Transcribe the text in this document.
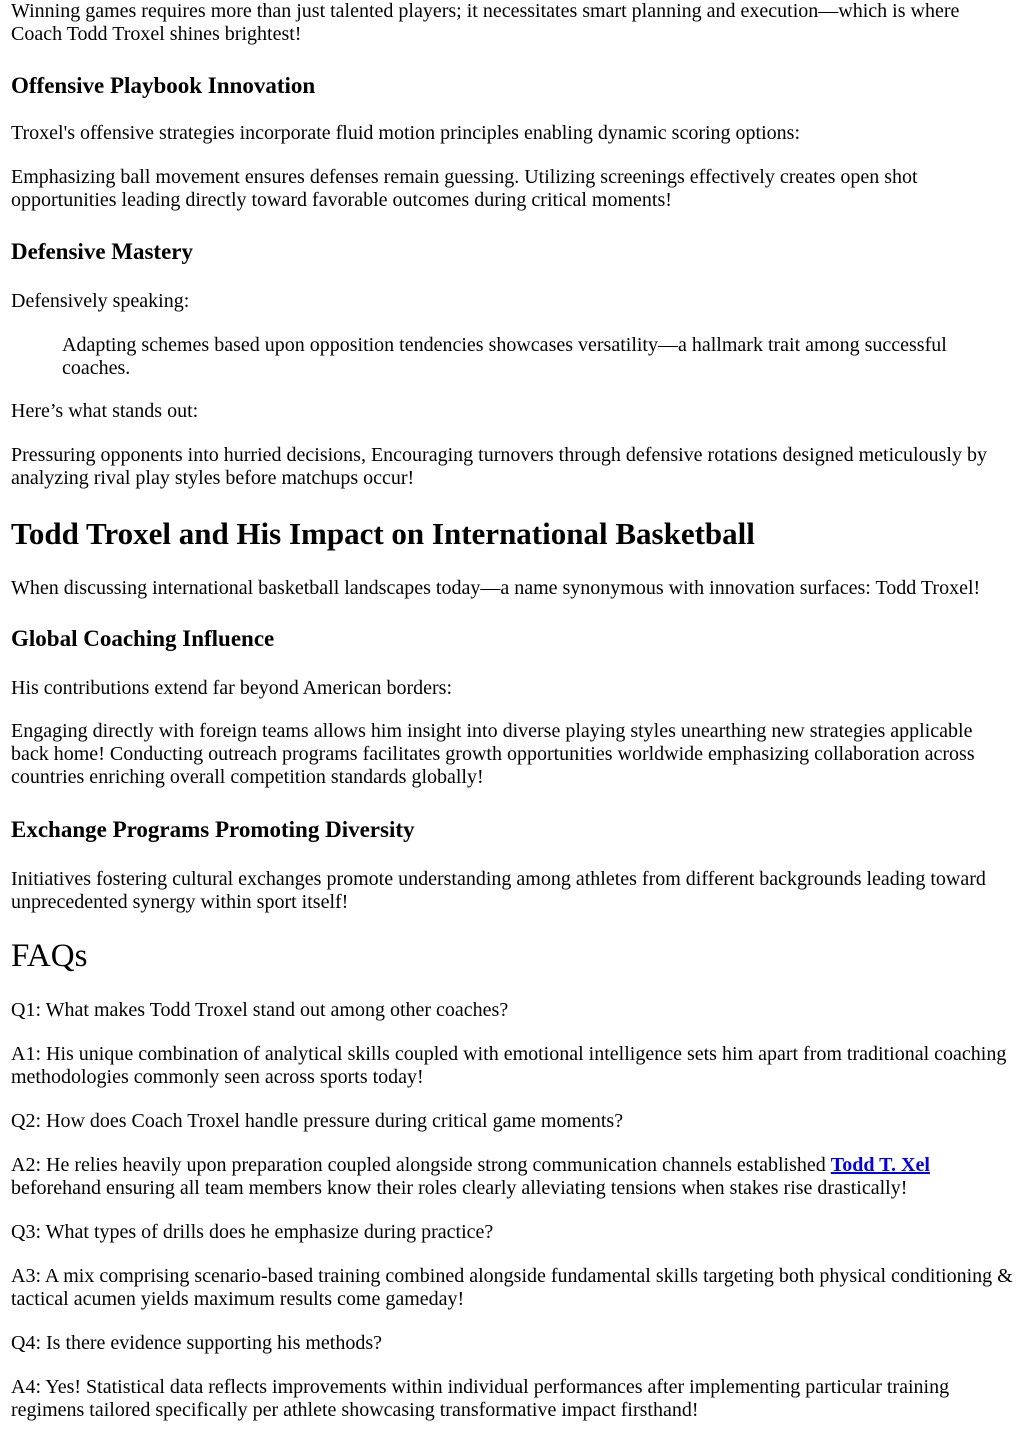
Winning games requires more than just talented players; it necessitates smart planning and execution—which is where Coach Todd Troxel shines brightest!

Offensive Playbook Innovation

Troxel's offensive strategies incorporate fluid motion principles enabling dynamic scoring options:

Emphasizing ball movement ensures defenses remain guessing. Utilizing screenings effectively creates open shot opportunities leading directly toward favorable outcomes during critical moments!

Defensive Mastery

Defensively speaking:

Adapting schemes based upon opposition tendencies showcases versatility—a hallmark trait among successful coaches.

Here’s what stands out:

Pressuring opponents into hurried decisions, Encouraging turnovers through defensive rotations designed meticulously by analyzing rival play styles before matchups occur!

Todd Troxel and His Impact on International Basketball

When discussing international basketball landscapes today—a name synonymous with innovation surfaces: Todd Troxel!

Global Coaching Influence

His contributions extend far beyond American borders:

Engaging directly with foreign teams allows him insight into diverse playing styles unearthing new strategies applicable back home! Conducting outreach programs facilitates growth opportunities worldwide emphasizing collaboration across countries enriching overall competition standards globally!

Exchange Programs Promoting Diversity

Initiatives fostering cultural exchanges promote understanding among athletes from different backgrounds leading toward unprecedented synergy within sport itself!

FAQs

Q1: What makes Todd Troxel stand out among other coaches?

A1: His unique combination of analytical skills coupled with emotional intelligence sets him apart from traditional coaching methodologies commonly seen across sports today!

Q2: How does Coach Troxel handle pressure during critical game moments?

A2: He relies heavily upon preparation coupled alongside strong communication channels established Todd T. Xel beforehand ensuring all team members know their roles clearly alleviating tensions when stakes rise drastically!

Q3: What types of drills does he emphasize during practice?

A3: A mix comprising scenario-based training combined alongside fundamental skills targeting both physical conditioning & tactical acumen yields maximum results come gameday!

Q4: Is there evidence supporting his methods?

A4: Yes! Statistical data reflects improvements within individual performances after implementing particular training regimens tailored specifically per athlete showcasing transformative impact firsthand!
